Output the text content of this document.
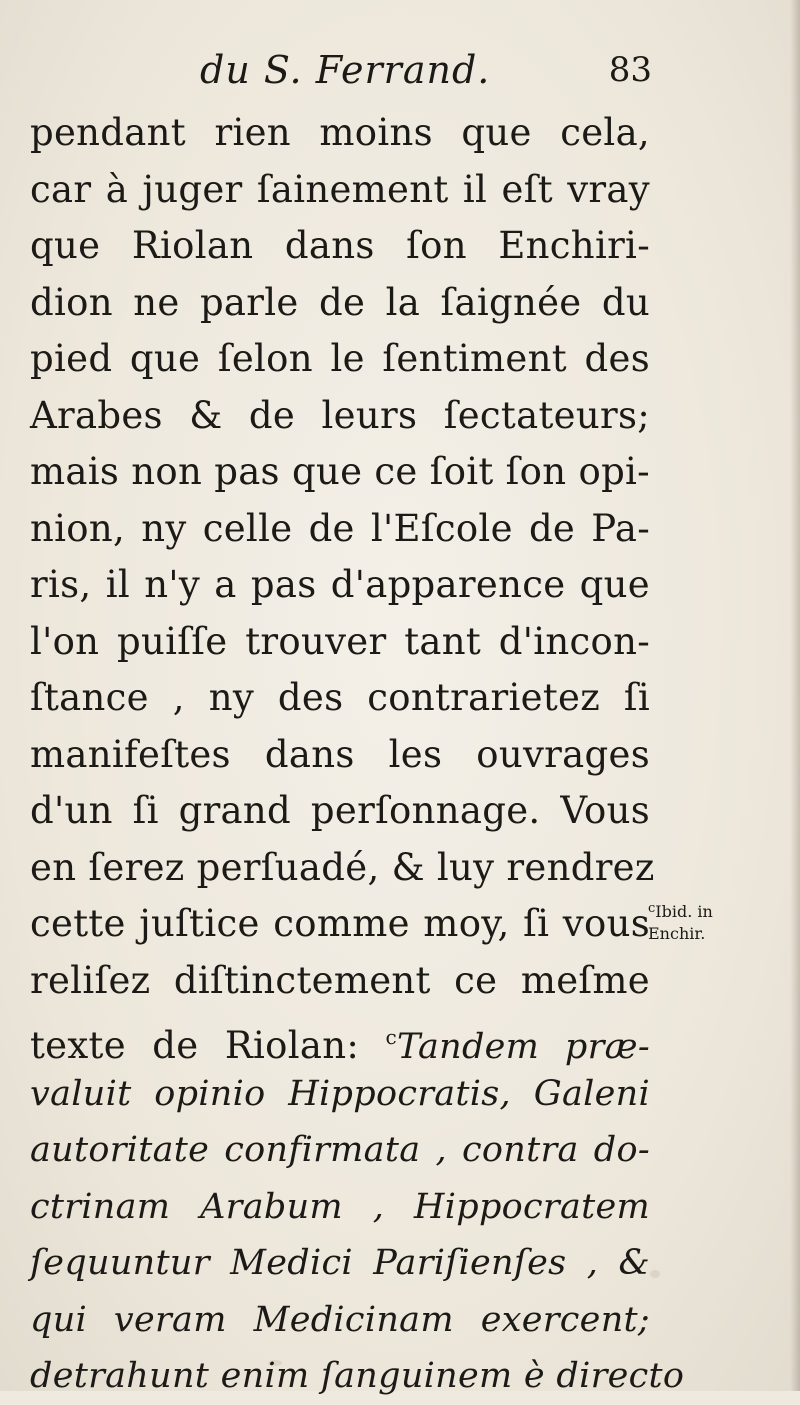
du S. Ferrand.	83
pendant rien moins que cela,
car à juger ſainement il eſt vray
que Riolan dans ſon Enchiri-
dion ne parle de la ſaignée du
pied que ſelon le ſentiment des
Arabes & de leurs ſectateurs;
mais non pas que ce ſoit ſon opi-
nion, ny celle de l'Eſcole de Pa-
ris, il n'y a pas d'apparence que
l'on puiſſe trouver tant d'incon-
ſtance , ny des contrarietez ſi
manifeſtes dans les ouvrages
d'un ſi grand perſonnage. Vous
en ſerez perſuadé, & luy rendrez
cette juſtice comme moy, ſi vous
reliſez diſtinctement ce meſme
texte de Riolan: $^c$Tandem præ-
valuit opinio Hippocratis, Galeni
autoritate confirmata , contra do-
ctrinam Arabum , Hippocratem
ſequuntur Medici Pariſienſes , &
qui veram Medicinam exercent;
detrahunt enim ſanguinem è directo
$^c$Ibid. in
Enchir.
